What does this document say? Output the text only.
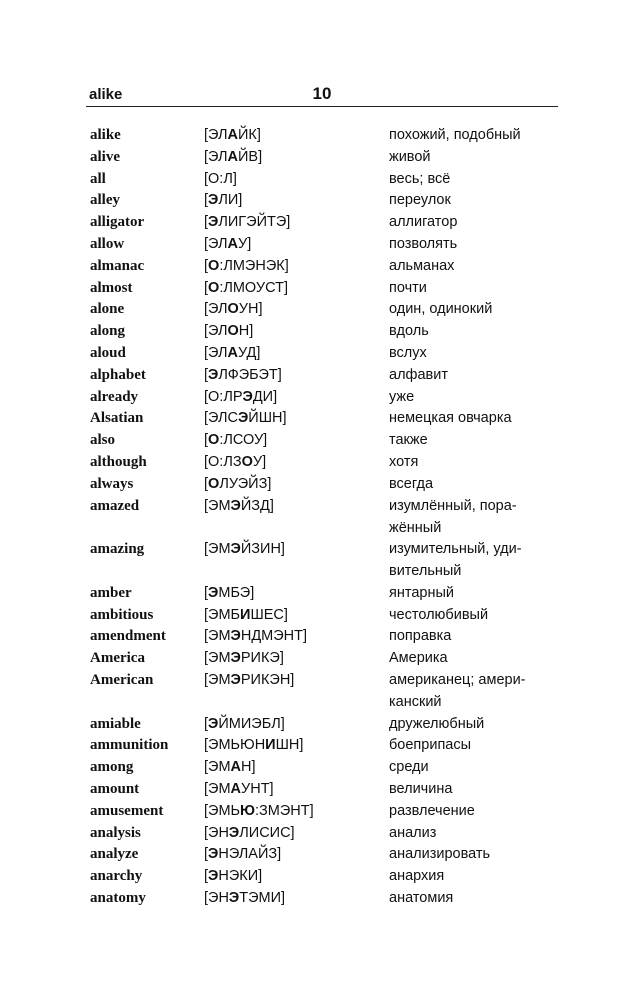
alike	10
alike	[ЭЛАЙК]	похожий, подобный
alive	[ЭЛАЙВ]	живой
all	[О:Л]	весь; всё
alley	[ЭЛИ]	переулок
alligator	[ЭЛИГЭЙТЭ]	аллигатор
allow	[ЭЛАУ]	позволять
almanac	[О:ЛМЭНЭК]	альманах
almost	[О:ЛМОУСТ]	почти
alone	[ЭЛОУН]	один, одинокий
along	[ЭЛОН]	вдоль
aloud	[ЭЛАУД]	вслух
alphabet	[ЭЛФЭБЭТ]	алфавит
already	[О:ЛРЭДИ]	уже
Alsatian	[ЭЛСЭЙШН]	немецкая овчарка
also	[О:ЛСОУ]	также
although	[О:ЛЗОУ]	хотя
always	[ОЛУЭЙЗ]	всегда
amazed	[ЭМЭЙЗД]	изумлённый, пора-
жённый
amazing	[ЭМЭЙЗИН]	изумительный, уди-
вительный
amber	[ЭМБЭ]	янтарный
ambitious	[ЭМБИШЕС]	честолюбивый
amendment	[ЭМЭНДМЭНТ]	поправка
America	[ЭМЭРИКЭ]	Америка
American	[ЭМЭРИКЭН]	американец; амери-
канский
amiable	[ЭЙМИЭБЛ]	дружелюбный
ammunition [ЭМЬЮНИШН]	боеприпасы
among	[ЭМАН]	среди
amount	[ЭМАУНТ]	величина
amusement	[ЭМЬЮ:ЗМЭНТ]	развлечение
analysis	[ЭНЭЛИСИС]	анализ
analyze	[ЭНЭЛАЙЗ]	анализировать
anarchy	[ЭНЭКИ]	анархия
anatomy	[ЭНЭТЭМИ]	анатомия
